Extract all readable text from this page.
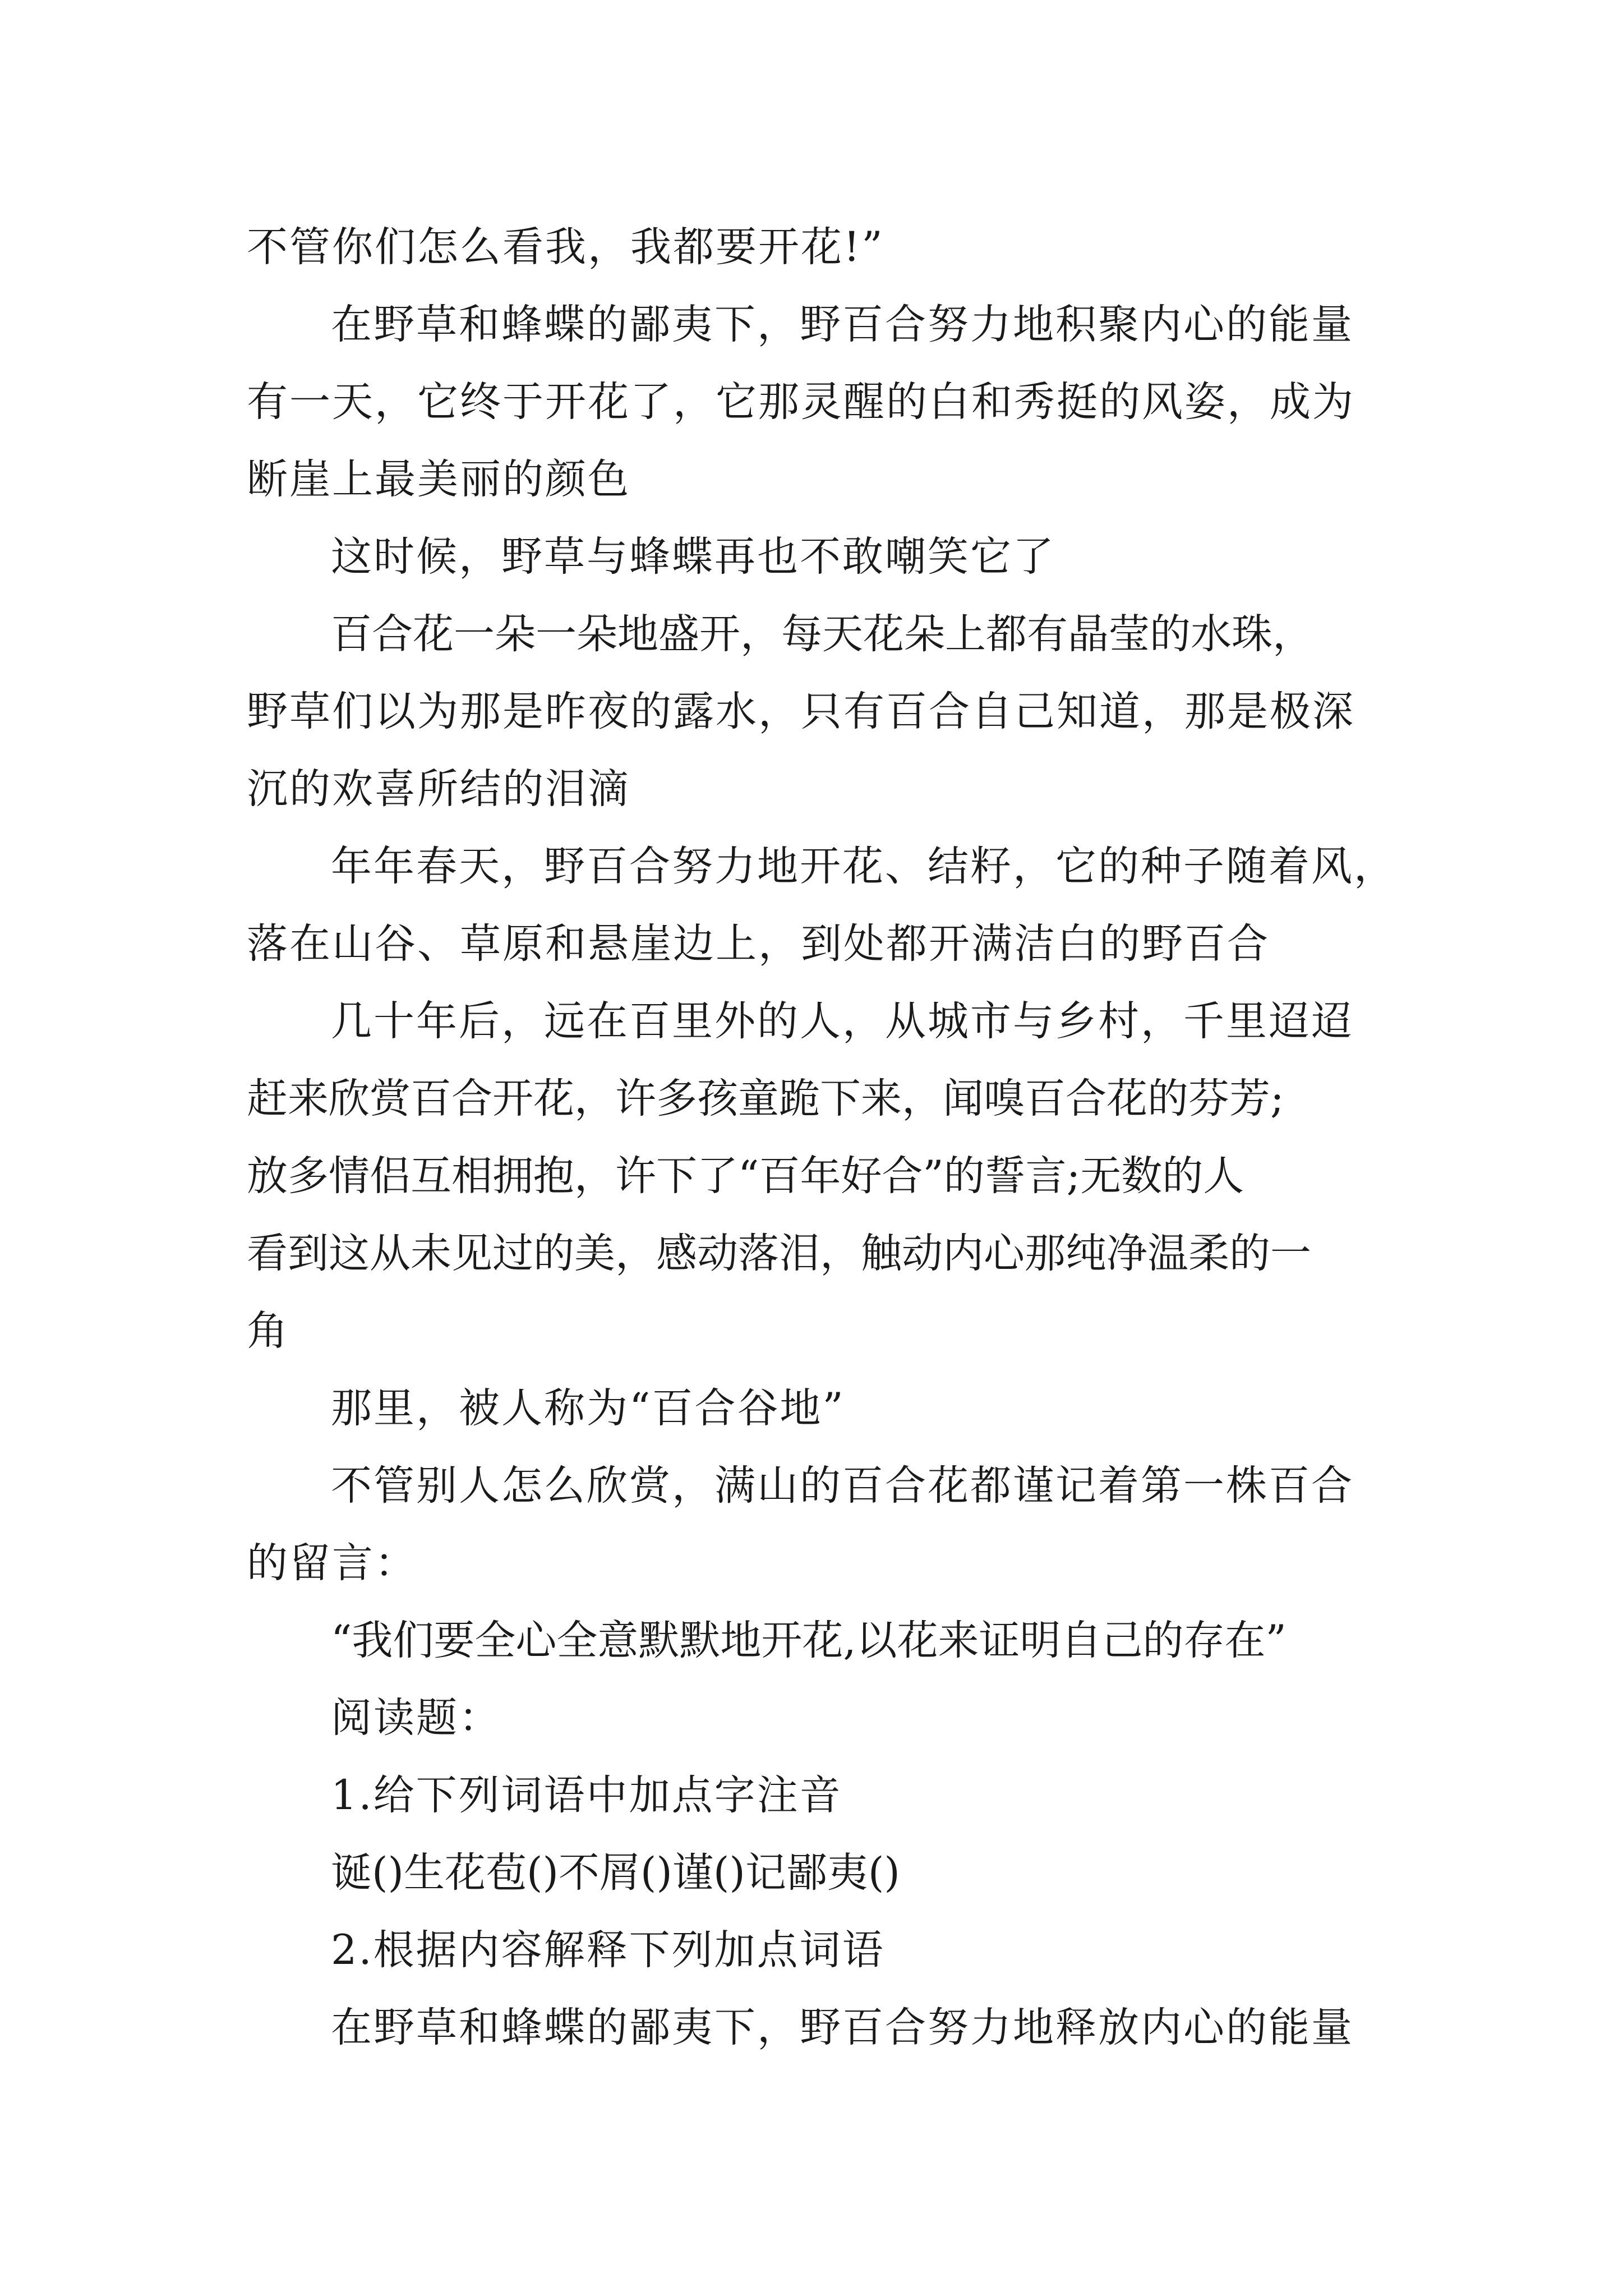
不管你们怎么看我，我都要开花!”

在野草和蜂蝶的鄙夷下，野百合努力地积聚内心的能量

有一天，它终于开花了，它那灵醒的白和秀挺的风姿，成为
断崖上最美丽的颜色

这时候，野草与蜂蝶再也不敢嘲笑它了

百合花一朵一朵地盛开，每天花朵上都有晶莹的水珠，

野草们以为那是昨夜的露水，只有百合自己知道，那是极深
沉的欢喜所结的泪滴

年年春天，野百合努力地开花、结籽，它的种子随着风，

落在山谷、草原和悬崖边上，到处都开满洁白的野百合

几十年后，远在百里外的人，从城市与乡村，千里迢迢

赶来欣赏百合开花，许多孩童跪下来，闻嗅百合花的芬芳;
放多情侣互相拥抱，许下了“百年好合”的誓言;无数的人
看到这从未见过的美，感动落泪，触动内心那纯净温柔的一
角

那里，被人称为“百合谷地”

不管别人怎么欣赏，满山的百合花都谨记着第一株百合

的留言：

“我们要全心全意默默地开花,以花来证明自己的存在”

阅读题：

1.给下列词语中加点字注音

诞()生花苞()不屑()谨()记鄙夷()

2.根据内容解释下列加点词语

在野草和蜂蝶的鄙夷下，野百合努力地释放内心的能量
